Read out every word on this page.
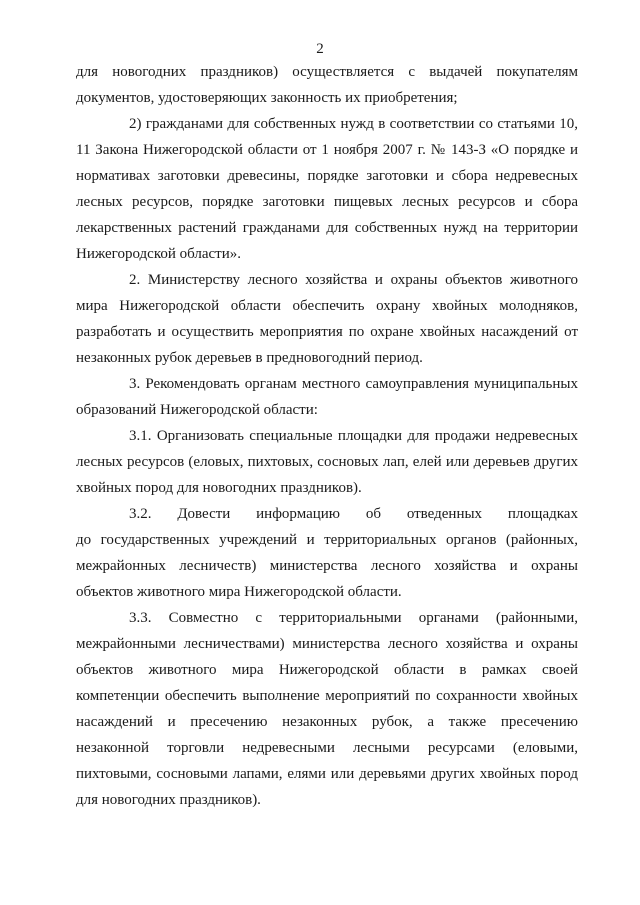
2

для новогодних праздников) осуществляется с выдачей покупателям документов, удостоверяющих законность их приобретения;

2) гражданами для собственных нужд в соответствии со статьями 10, 11 Закона Нижегородской области от 1 ноября 2007 г. № 143-З «О порядке и нормативах заготовки древесины, порядке заготовки и сбора недревесных лесных ресурсов, порядке заготовки пищевых лесных ресурсов и сбора лекарственных растений гражданами для собственных нужд на территории Нижегородской области».

2. Министерству лесного хозяйства и охраны объектов животного мира Нижегородской области обеспечить охрану хвойных молодняков, разработать и осуществить мероприятия по охране хвойных насаждений от незаконных рубок деревьев в предновогодний период.

3. Рекомендовать органам местного самоуправления муниципальных образований Нижегородской области:

3.1. Организовать специальные площадки для продажи недревесных лесных ресурсов (еловых, пихтовых, сосновых лап, елей или деревьев других хвойных пород для новогодних праздников).

3.2. Довести информацию об отведенных площадках

до государственных учреждений и территориальных органов (районных, межрайонных лесничеств) министерства лесного хозяйства и охраны объектов животного мира Нижегородской области.

3.3. Совместно с территориальными органами (районными, межрайонными лесничествами) министерства лесного хозяйства и охраны объектов животного мира Нижегородской области в рамках своей компетенции обеспечить выполнение мероприятий по сохранности хвойных насаждений и пресечению незаконных рубок, а также пресечению незаконной торговли недревесными лесными ресурсами (еловыми, пихтовыми, сосновыми лапами, елями или деревьями других хвойных пород для новогодних праздников).
